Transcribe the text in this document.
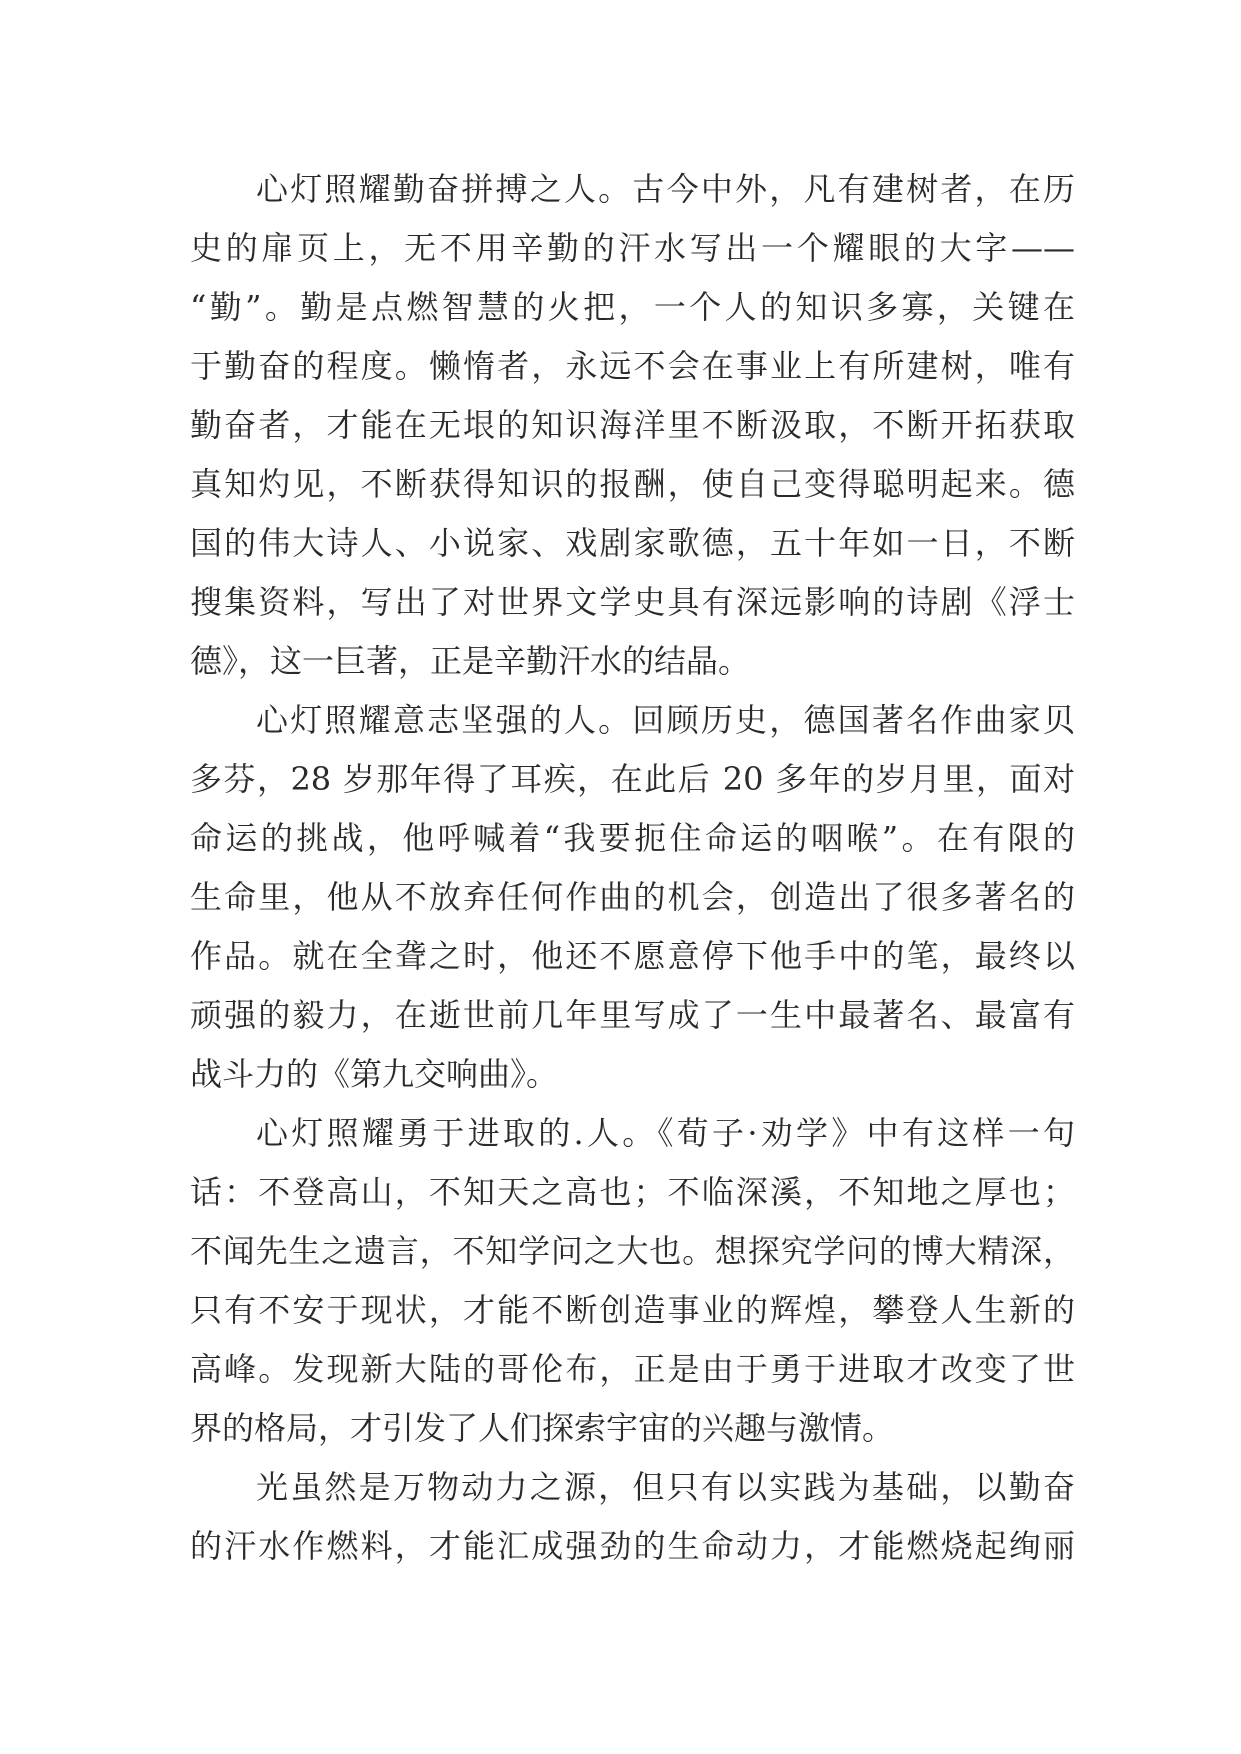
心灯照耀勤奋拼搏之人。古今中外，凡有建树者，在历
史的扉页上，无不用辛勤的汗水写出一个耀眼的大字——
“勤”。勤是点燃智慧的火把，一个人的知识多寡，关键在
于勤奋的程度。懒惰者，永远不会在事业上有所建树，唯有
勤奋者，才能在无垠的知识海洋里不断汲取，不断开拓获取
真知灼见，不断获得知识的报酬，使自己变得聪明起来。德
国的伟大诗人、小说家、戏剧家歌德，五十年如一日，不断
搜集资料，写出了对世界文学史具有深远影响的诗剧《浮士
德》，这一巨著，正是辛勤汗水的结晶。
心灯照耀意志坚强的人。回顾历史，德国著名作曲家贝
多芬，28 岁那年得了耳疾，在此后 20 多年的岁月里，面对
命运的挑战，他呼喊着“我要扼住命运的咽喉”。在有限的
生命里，他从不放弃任何作曲的机会，创造出了很多著名的
作品。就在全聋之时，他还不愿意停下他手中的笔，最终以
顽强的毅力，在逝世前几年里写成了一生中最著名、最富有
战斗力的《第九交响曲》。
心灯照耀勇于进取的.人。《荀子·劝学》中有这样一句
话：不登高山，不知天之高也；不临深溪，不知地之厚也；
不闻先生之遗言，不知学问之大也。想探究学问的博大精深，
只有不安于现状，才能不断创造事业的辉煌，攀登人生新的
高峰。发现新大陆的哥伦布，正是由于勇于进取才改变了世
界的格局，才引发了人们探索宇宙的兴趣与激情。
光虽然是万物动力之源，但只有以实践为基础，以勤奋
的汗水作燃料，才能汇成强劲的生命动力，才能燃烧起绚丽
